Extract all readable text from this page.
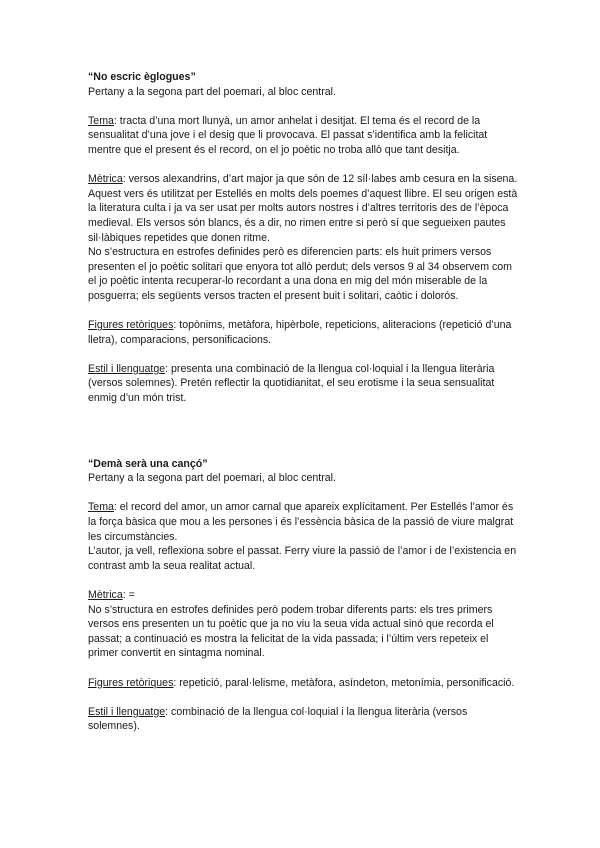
“No escric èglogues”

Pertany a la segona part del poemari, al bloc central.

Tema: tracta d’una mort llunyà, un amor anhelat i desitjat. El tema és el record de la sensualitat d’una jove i el desig que li provocava. El passat s’identifica amb la felicitat mentre que el present és el record, on el jo poètic no troba allò que tant desitja.

Mètrica: versos alexandrins, d’art major ja que són de 12 síl·labes amb cesura en la sisena. Aquest vers és utilitzat per Estellés en molts dels poemes d’aquest llibre. El seu origen està la literatura culta i ja va ser usat per molts autors nostres i d’altres territoris des de l’època medieval. Els versos són blancs, és a dir, no rimen entre si però sí que segueixen pautes sil·làbiques repetides que donen ritme.

No s’estructura en estrofes definides però es diferencien parts: els huit primers versos presenten el jo poètic solitari que enyora tot allò perdut; dels versos 9 al 34 observem com el jo poètic intenta recuperar-lo recordant a una dona en mig del món miserable de la posguerra; els següents versos tracten el present buit i solitari, caòtic i dolorós.

Figures retòriques: topònims, metàfora, hipèrbole, repeticions, aliteracions (repetició d’una lletra), comparacions, personificacions.

Estil i llenguatge: presenta una combinació de la llengua col·loquial i la llengua literària (versos solemnes). Pretén reflectir la quotidianitat, el seu erotisme i la seua sensualitat enmig d’un món trist.

“Demà serà una cançó”

Pertany a la segona part del poemari, al bloc central.

Tema: el record del amor, un amor carnal que apareix explícitament. Per Estellés l’amor és la força bàsica que mou a les persones i és l’essència bàsica de la passió de viure malgrat les circumstàncies.

L’autor, ja vell, reflexiona sobre el passat. Ferry viure la passió de l’amor i de l’existencia en contrast amb la seua realitat actual.

Mètrica: =

No s’structura en estrofes definides però podem trobar diferents parts: els tres primers versos ens presenten un tu poètic que ja no viu la seua vida actual sinó que recorda el passat; a continuació es mostra la felicitat de la vida passada; i l’últim vers repeteix el primer convertit en sintagma nominal.

Figures retòriques: repetició, paral·lelisme, metàfora, asíndeton, metonímia, personificació.

Estil i llenguatge: combinació de la llengua col·loquial i la llengua literària (versos solemnes).
